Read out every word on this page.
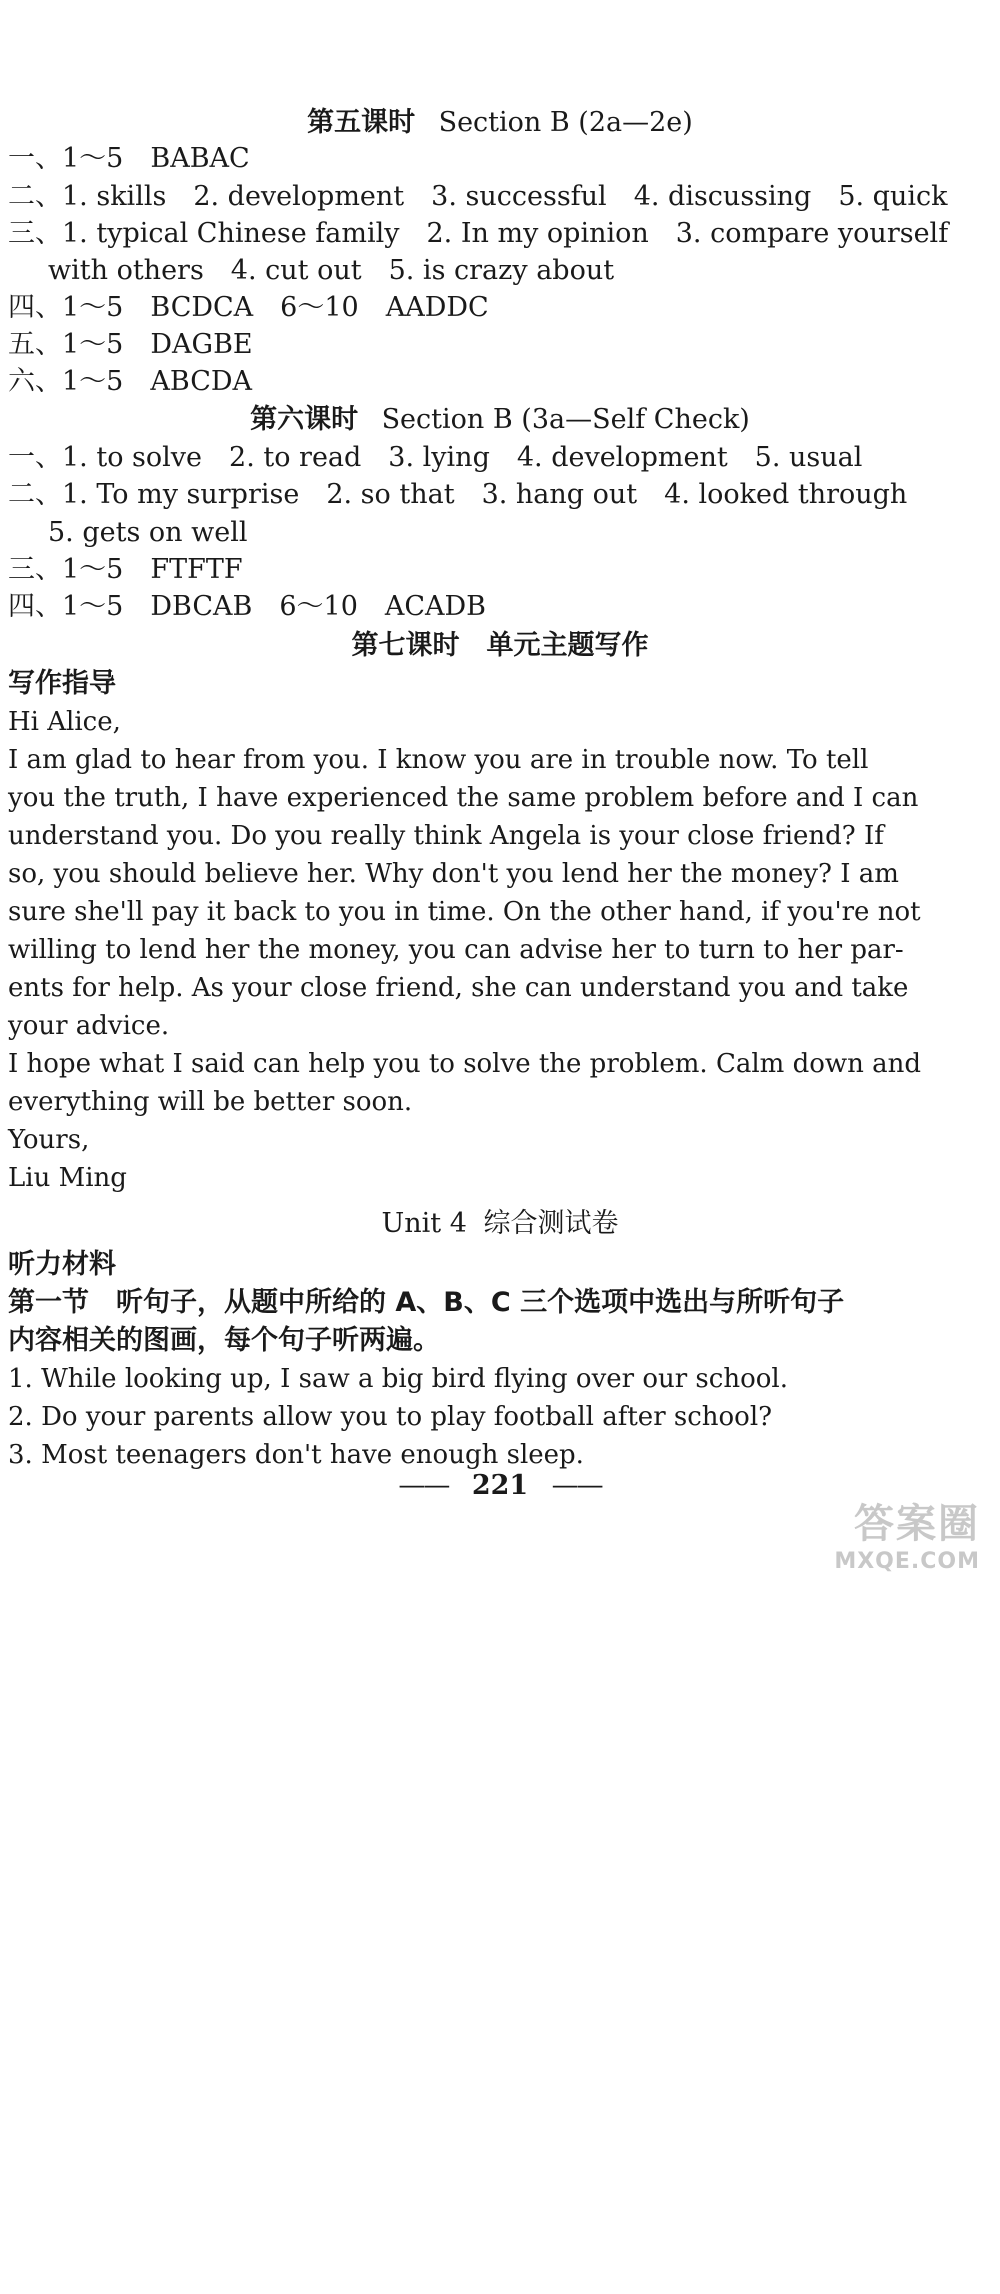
第五课时 Section B (2a—2e)
一、1～5　BABAC
二、1. skills　2. development　3. successful　4. discussing　5. quick
三、1. typical Chinese family　2. In my opinion　3. compare yourself
with others　4. cut out　5. is crazy about
四、1～5　BCDCA　6～10　AADDC
五、1～5　DAGBE
六、1～5　ABCDA
第六课时 Section B (3a—Self Check)
一、1. to solve　2. to read　3. lying　4. development　5. usual
二、1. To my surprise　2. so that　3. hang out　4. looked through
5. gets on well
三、1～5　FTFTF
四、1～5　DBCAB　6～10　ACADB
第七课时　单元主题写作
写作指导
Hi Alice,
I am glad to hear from you. I know you are in trouble now. To tell
you the truth, I have experienced the same problem before and I can
understand you. Do you really think Angela is your close friend? If
so, you should believe her. Why don't you lend her the money? I am
sure she'll pay it back to you in time. On the other hand, if you're not
willing to lend her the money, you can advise her to turn to her par-
ents for help. As your close friend, she can understand you and take
your advice.
I hope what I said can help you to solve the problem. Calm down and
everything will be better soon.
Yours,
Liu Ming
Unit 4 综合测试卷
听力材料
第一节　听句子，从题中所给的 A、B、C 三个选项中选出与所听句子
内容相关的图画，每个句子听两遍。
1. While looking up, I saw a big bird flying over our school.
2. Do your parents allow you to play football after school?
3. Most teenagers don't have enough sleep.
—— 221 ——
答案圈
MXQE.COM
